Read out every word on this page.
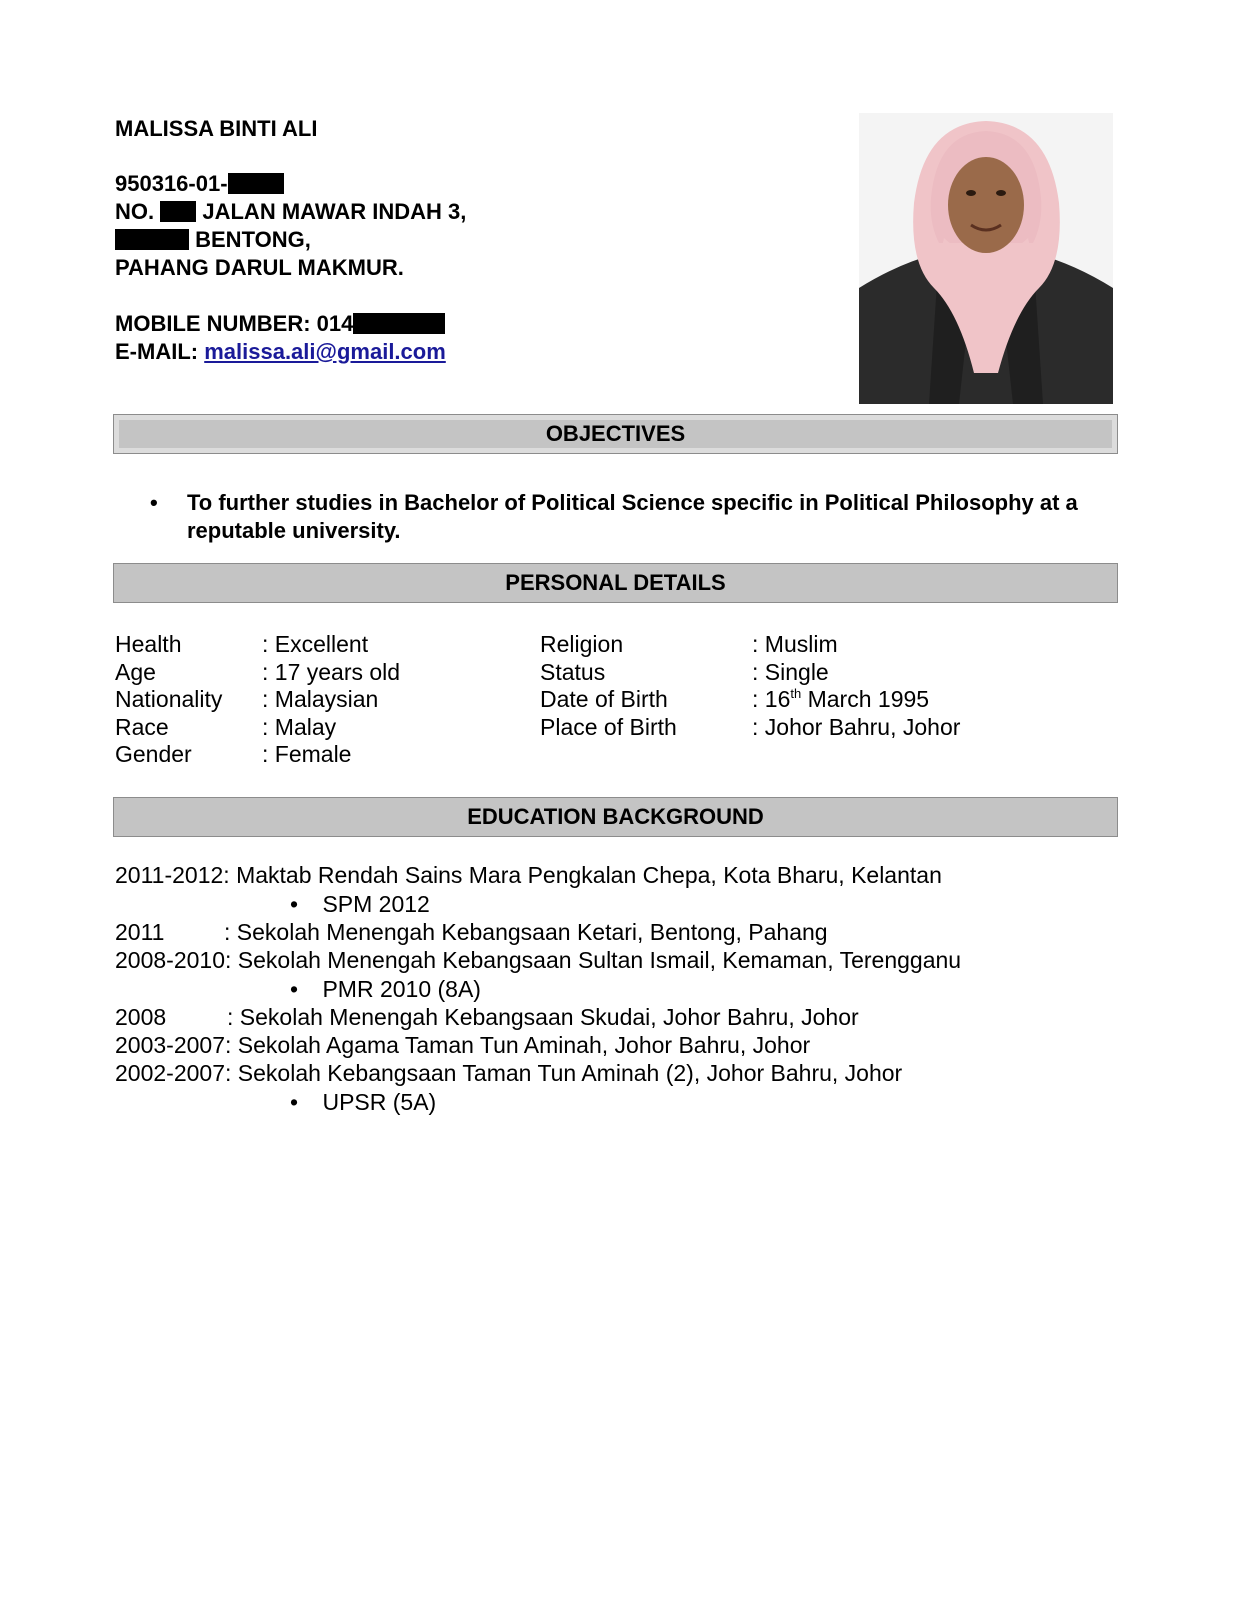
MALISSA BINTI ALI
950316-01-
NO. JALAN MAWAR INDAH 3,
BENTONG,
PAHANG DARUL MAKMUR.
MOBILE NUMBER: 014
E-MAIL: malissa.ali@gmail.com
OBJECTIVES
• To further studies in Bachelor of Political Science specific in Political Philosophy at a reputable university.
PERSONAL DETAILS
Health	: Excellent
Age	: 17 years old
Nationality : Malaysian
Race	: Malay
Gender	: Female
Religion	: Muslim
Status	: Single
Date of Birth	: 16th March 1995
Place of Birth	: Johor Bahru, Johor
EDUCATION BACKGROUND
2011-2012: Maktab Rendah Sains Mara Pengkalan Chepa, Kota Bharu, Kelantan
• SPM 2012
2011	: Sekolah Menengah Kebangsaan Ketari, Bentong, Pahang
2008-2010: Sekolah Menengah Kebangsaan Sultan Ismail, Kemaman, Terengganu
• PMR 2010 (8A)
2008	: Sekolah Menengah Kebangsaan Skudai, Johor Bahru, Johor
2003-2007: Sekolah Agama Taman Tun Aminah, Johor Bahru, Johor
2002-2007: Sekolah Kebangsaan Taman Tun Aminah (2), Johor Bahru, Johor
• UPSR (5A)
